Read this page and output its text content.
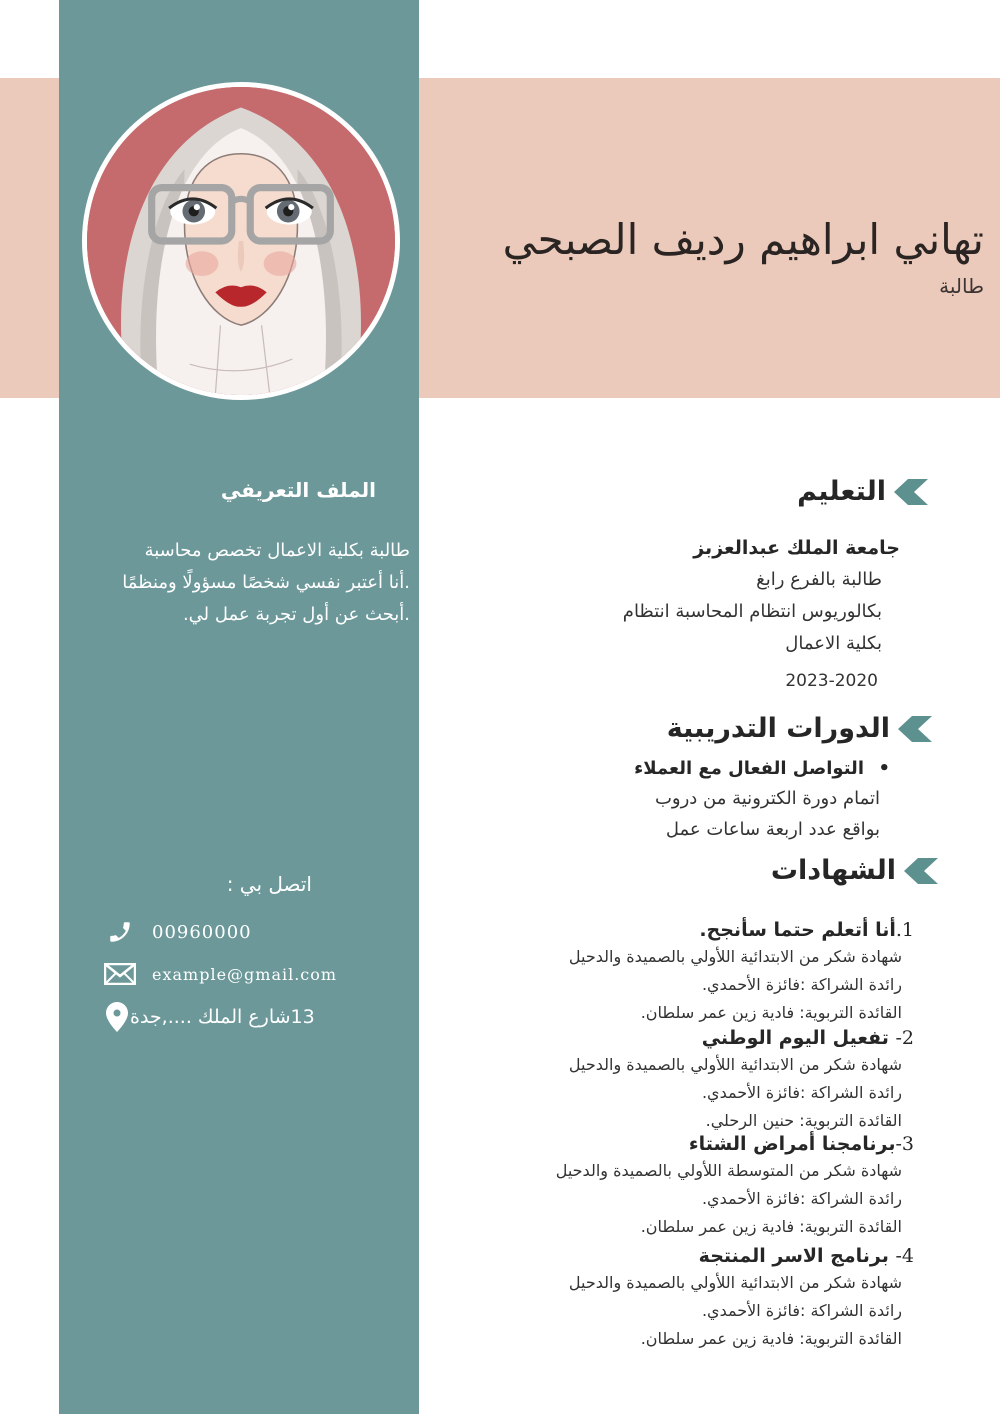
تهاني ابراهيم رديف الصبحي
طالبة
الملف التعريفي
طالبة بكلية الاعمال تخصص محاسبة
.أنا أعتبر نفسي شخصًا مسؤولًا ومنظمًا
.أبحث عن أول تجربة عمل لي.
اتصل بي :
00960000
example@gmail.com
13شارع الملك ....,جدة
التعليم
جامعة الملك عبدالعزبز
طالبة بالفرع رابغ
بكالوريوس انتظام المحاسبة انتظام
بكلية الاعمال
2023-2020
الدورات التدريبية
• التواصل الفعال مع العملاء
اتمام دورة الكترونية من دروب
بواقع عدد اربعة ساعات عمل
الشهادات
1.أنا أتعلم حتما سأنجح.
شهادة شكر من الابتدائية اللأولي بالصميدة والدحيل
رائدة الشراكة :فائزة الأحمدي.
القائدة التربوية: فادية زين عمر سلطان.
2- تفعيل اليوم الوطني
شهادة شكر من الابتدائية اللأولي بالصميدة والدحيل
رائدة الشراكة :فائزة الأحمدي.
القائدة التربوية: حنين الرحلي.
3-برنامجنا أمراض الشتاء
شهادة شكر من المتوسطة اللأولي بالصميدة والدحيل
رائدة الشراكة :فائزة الأحمدي.
القائدة التربوية: فادية زين عمر سلطان.
4- برنامج الاسر المنتجة
شهادة شكر من الابتدائية اللأولي بالصميدة والدحيل
رائدة الشراكة :فائزة الأحمدي.
القائدة التربوية: فادية زين عمر سلطان.
